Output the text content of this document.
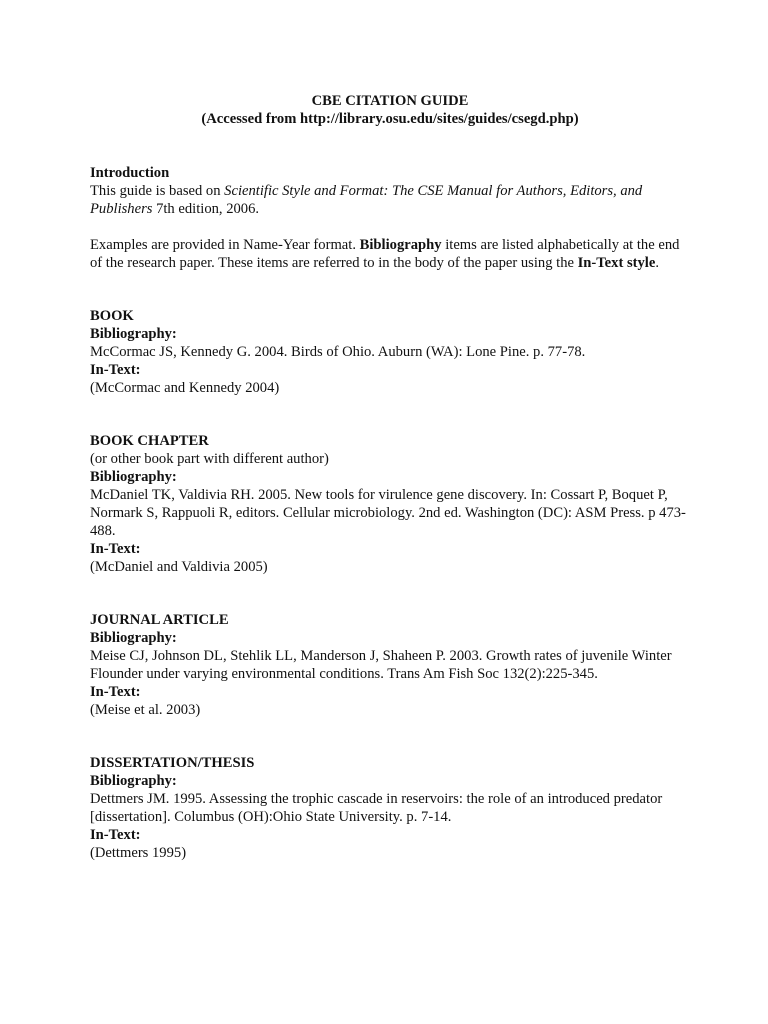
CBE CITATION GUIDE

(Accessed from http://library.osu.edu/sites/guides/csegd.php)

Introduction

This guide is based on Scientific Style and Format: The CSE Manual for Authors, Editors, and Publishers 7th edition, 2006.

Examples are provided in Name-Year format. Bibliography items are listed alphabetically at the end of the research paper. These items are referred to in the body of the paper using the In-Text style.

BOOK

Bibliography:

McCormac JS, Kennedy G. 2004. Birds of Ohio. Auburn (WA): Lone Pine. p. 77-78.

In-Text:

(McCormac and Kennedy 2004)

BOOK CHAPTER

(or other book part with different author)

Bibliography:

McDaniel TK, Valdivia RH. 2005. New tools for virulence gene discovery. In: Cossart P, Boquet P, Normark S, Rappuoli R, editors. Cellular microbiology. 2nd ed. Washington (DC): ASM Press. p 473-488.

In-Text:

(McDaniel and Valdivia 2005)

JOURNAL ARTICLE

Bibliography:

Meise CJ, Johnson DL, Stehlik LL, Manderson J, Shaheen P. 2003. Growth rates of juvenile Winter Flounder under varying environmental conditions. Trans Am Fish Soc 132(2):225-345.

In-Text:

(Meise et al. 2003)

DISSERTATION/THESIS

Bibliography:

Dettmers JM. 1995. Assessing the trophic cascade in reservoirs: the role of an introduced predator [dissertation]. Columbus (OH):Ohio State University. p. 7-14.

In-Text:

(Dettmers 1995)
